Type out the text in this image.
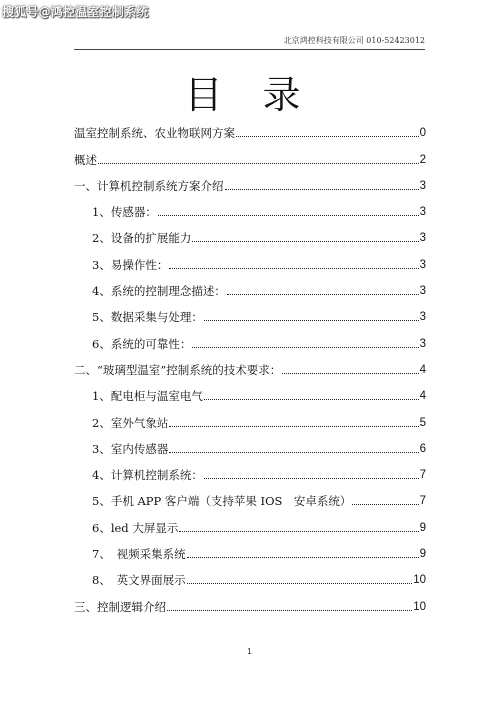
搜狐号@鸿控温室控制系统
北京鸿控科技有限公司 010-52423012
目 录
温室控制系统、农业物联网方案	0
概述	2
一、计算机控制系统方案介绍	3
1、传感器：	3
2、设备的扩展能力	3
3、易操作性：	3
4、系统的控制理念描述：	3
5、数据采集与处理：	3
6、系统的可靠性：	3
二、“玻璃型温室”控制系统的技术要求：	4
1、配电柜与温室电气	4
2、室外气象站	5
3、室内传感器	6
4、计算机控制系统：	7
5、手机 APP 客户端（支持苹果 IOS　安卓系统）	7
6、led 大屏显示	9
7、　视频采集系统	9
8、　英文界面展示	10
三、控制逻辑介绍	10
1
